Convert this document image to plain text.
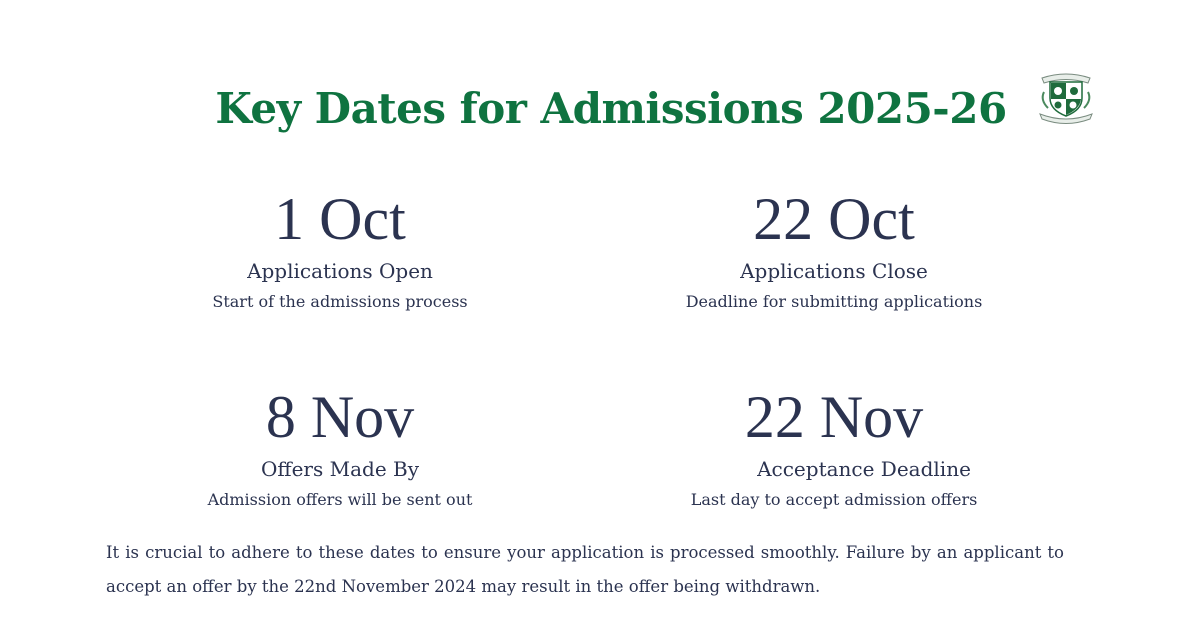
Key Dates for Admissions 2025-26
1 Oct
Applications Open
Start of the admissions process
22 Oct
Applications Close
Deadline for submitting applications
8 Nov
Offers Made By
Admission offers will be sent out
22 Nov
Acceptance Deadline
Last day to accept admission offers

It is crucial to adhere to these dates to ensure your application is processed smoothly. Failure by an applicant to accept an offer by the 22nd November 2024 may result in the offer being withdrawn.
